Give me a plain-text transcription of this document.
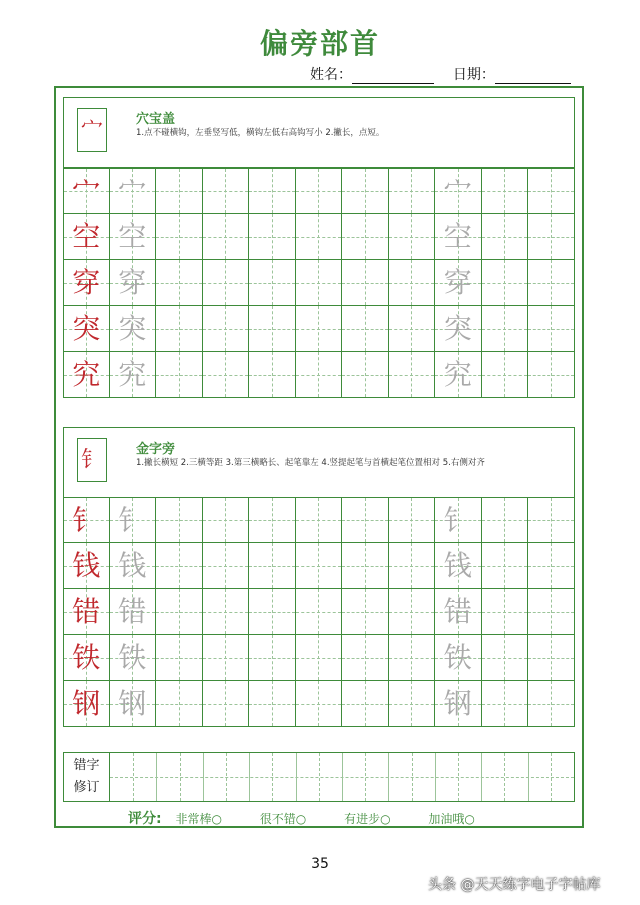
偏旁部首
姓名：	日期：
宀	穴宝盖
1.点不碰横钩，左垂竖写低，横钩左低右高钩写小 2.撇长，点短。
宀 宀	宀
空 空	空
穿 穿	穿
突 突	突
究 究	究
钅	金字旁
1.撇长横短 2.三横等距 3.第三横略长、起笔靠左 4.竖提起笔与首横起笔位置相对 5.右侧对齐
钅 钅	钅
钱 钱	钱
错 错	错
铁 铁	铁
钢 钢	钢
错字
修订
评分: 非常棒○	很不错○	有进步○	加油哦○
35
头条 @天天练字电子字帖库
